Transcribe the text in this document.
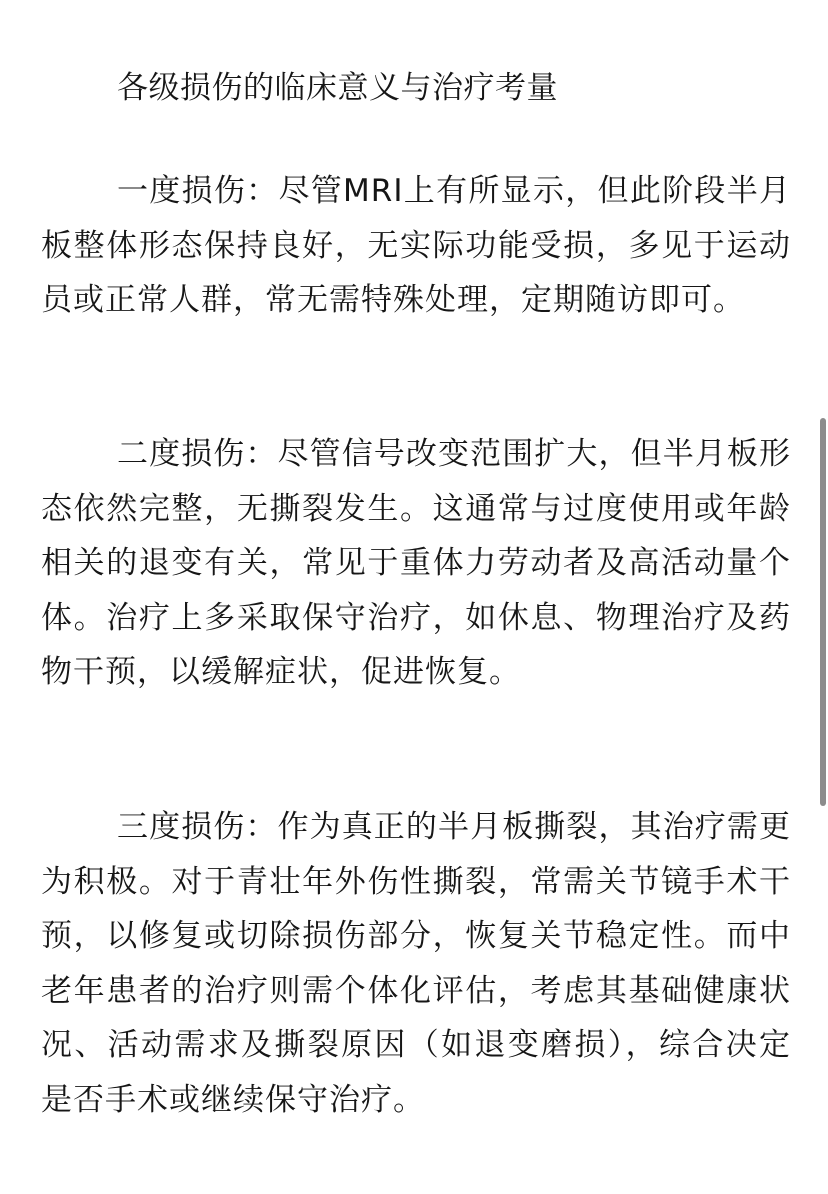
各级损伤的临床意义与治疗考量

一度损伤：尽管MRI上有所显示，但此阶段半月板整体形态保持良好，无实际功能受损，多见于运动员或正常人群，常无需特殊处理，定期随访即可。

二度损伤：尽管信号改变范围扩大，但半月板形态依然完整，无撕裂发生。这通常与过度使用或年龄相关的退变有关，常见于重体力劳动者及高活动量个体。治疗上多采取保守治疗，如休息、物理治疗及药物干预，以缓解症状，促进恢复。

三度损伤：作为真正的半月板撕裂，其治疗需更为积极。对于青壮年外伤性撕裂，常需关节镜手术干预，以修复或切除损伤部分，恢复关节稳定性。而中老年患者的治疗则需个体化评估，考虑其基础健康状况、活动需求及撕裂原因（如退变磨损），综合决定是否手术或继续保守治疗。
